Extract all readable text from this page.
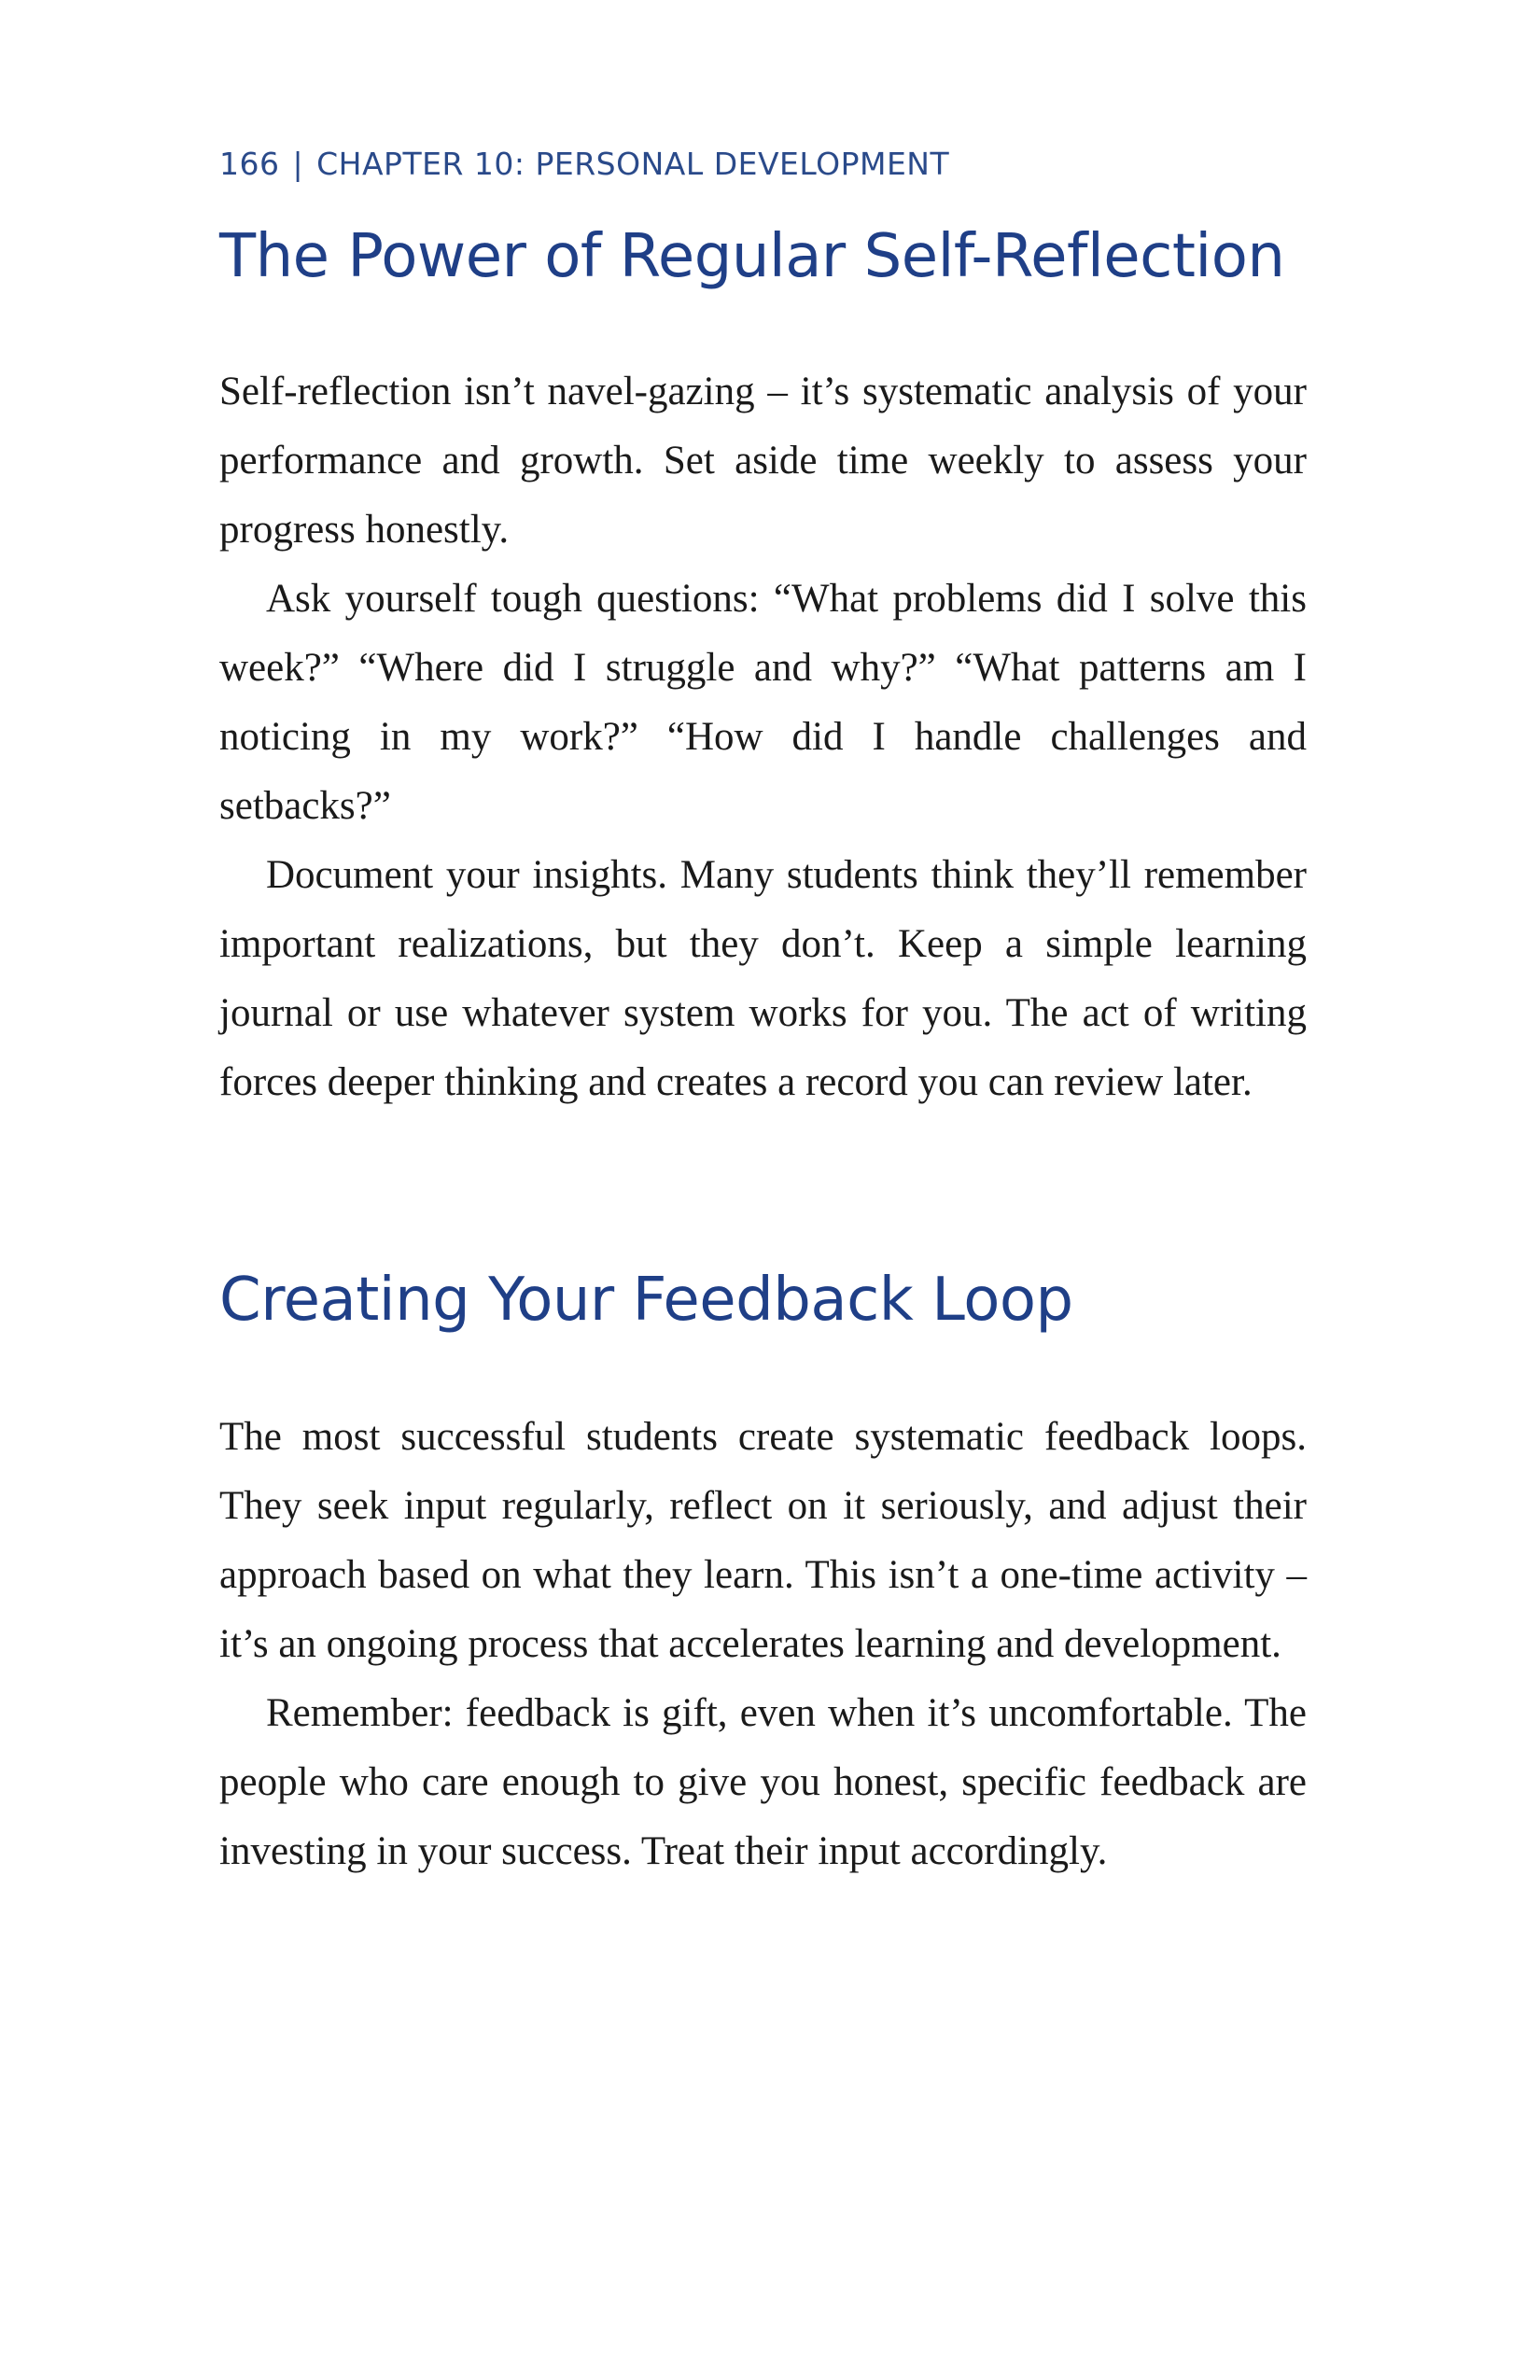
166 | CHAPTER 10: PERSONAL DEVELOPMENT
The Power of Regular Self-Reflection

Self-reflection isn’t navel-gazing – it’s systematic analysis of your performance and growth. Set aside time weekly to assess your progress honestly.

Ask yourself tough questions: “What problems did I solve this week?” “Where did I struggle and why?” “What patterns am I noticing in my work?” “How did I handle challenges and setbacks?”

Document your insights. Many students think they’ll remember important realizations, but they don’t. Keep a simple learning journal or use whatever system works for you. The act of writing forces deeper thinking and creates a record you can review later.

Creating Your Feedback Loop

The most successful students create systematic feedback loops. They seek input regularly, reflect on it seriously, and adjust their approach based on what they learn. This isn’t a one-time activity – it’s an ongoing process that accelerates learning and development.

Remember: feedback is gift, even when it’s uncomfortable. The people who care enough to give you honest, specific feedback are investing in your success. Treat their input accordingly.
